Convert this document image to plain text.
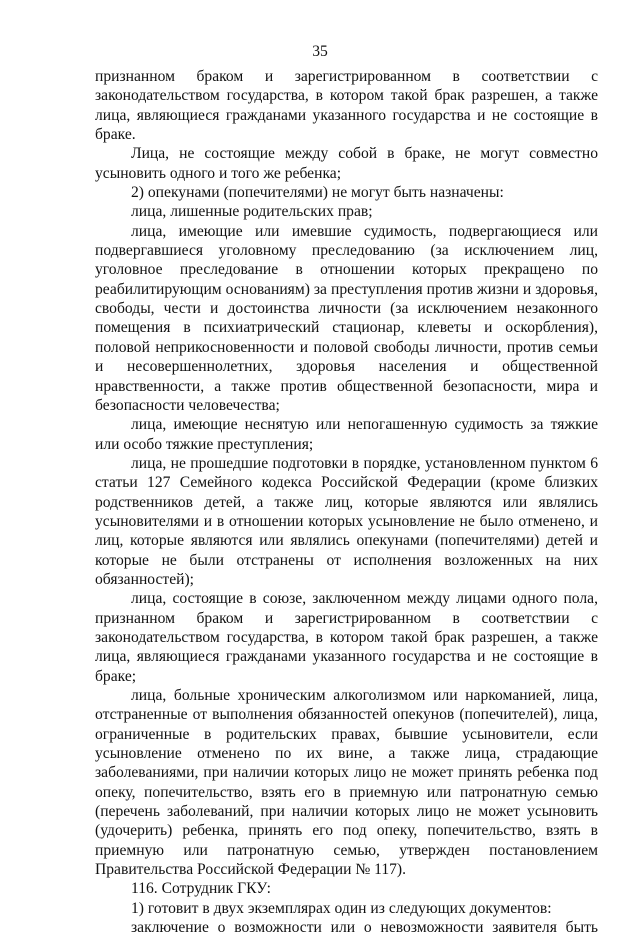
35

признанном браком и зарегистрированном в соответствии с законодательством государства, в котором такой брак разрешен, а также лица, являющиеся гражданами указанного государства и не состоящие в браке.

Лица, не состоящие между собой в браке, не могут совместно усыновить одного и того же ребенка;

2) опекунами (попечителями) не могут быть назначены:

лица, лишенные родительских прав;

лица, имеющие или имевшие судимость, подвергающиеся или подвергавшиеся уголовному преследованию (за исключением лиц, уголовное преследование в отношении которых прекращено по реабилитирующим основаниям) за преступления против жизни и здоровья, свободы, чести и достоинства личности (за исключением незаконного помещения в психиатрический стационар, клеветы и оскорбления), половой неприкосновенности и половой свободы личности, против семьи и несовершеннолетних, здоровья населения и общественной нравственности, а также против общественной безопасности, мира и безопасности человечества;

лица, имеющие неснятую или непогашенную судимость за тяжкие или особо тяжкие преступления;

лица, не прошедшие подготовки в порядке, установленном пунктом 6 статьи 127 Семейного кодекса Российской Федерации (кроме близких родственников детей, а также лиц, которые являются или являлись усыновителями и в отношении которых усыновление не было отменено, и лиц, которые являются или являлись опекунами (попечителями) детей и которые не были отстранены от исполнения возложенных на них обязанностей);

лица, состоящие в союзе, заключенном между лицами одного пола, признанном браком и зарегистрированном в соответствии с законодательством государства, в котором такой брак разрешен, а также лица, являющиеся гражданами указанного государства и не состоящие в браке;

лица, больные хроническим алкоголизмом или наркоманией, лица, отстраненные от выполнения обязанностей опекунов (попечителей), лица, ограниченные в родительских правах, бывшие усыновители, если усыновление отменено по их вине, а также лица, страдающие заболеваниями, при наличии которых лицо не может принять ребенка под опеку, попечительство, взять его в приемную или патронатную семью (перечень заболеваний, при наличии которых лицо не может усыновить (удочерить) ребенка, принять его под опеку, попечительство, взять в приемную или патронатную семью, утвержден постановлением Правительства Российской Федерации № 117).

116. Сотрудник ГКУ:

1) готовит в двух экземплярах один из следующих документов:

заключение о возможности или о невозможности заявителя быть
